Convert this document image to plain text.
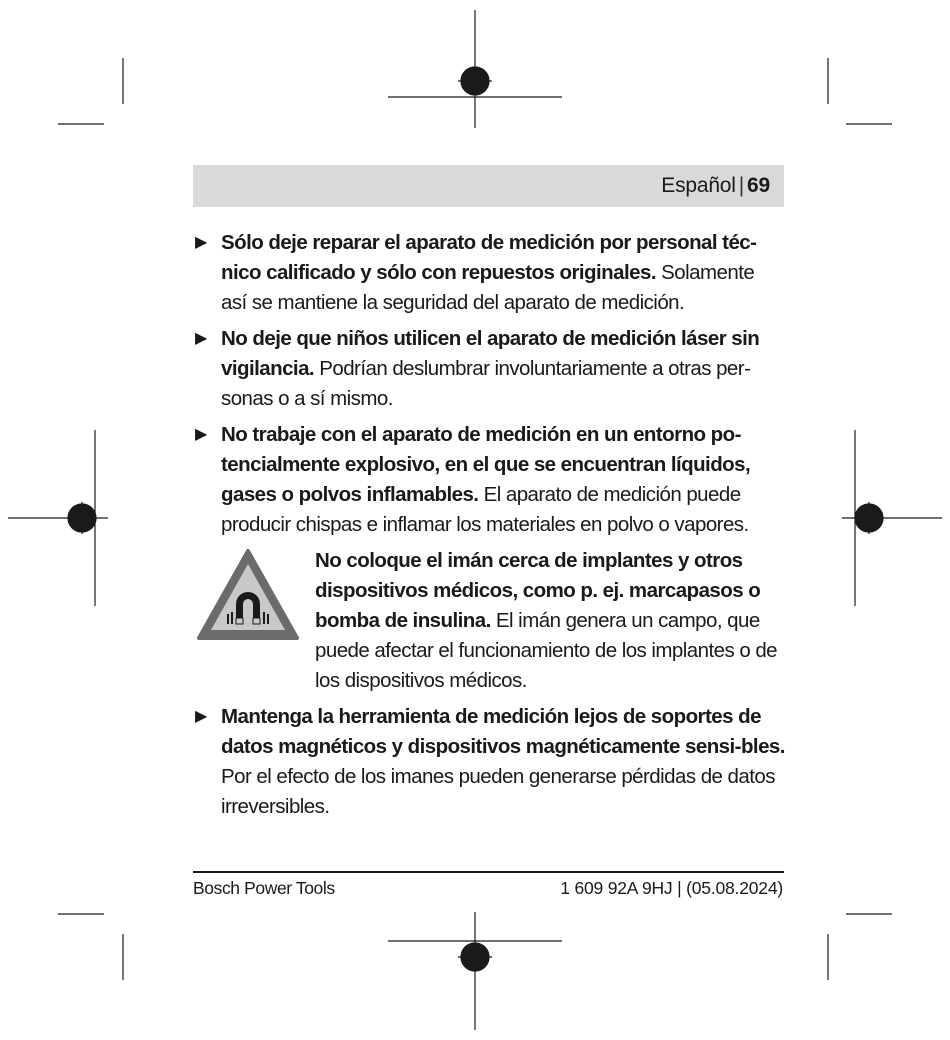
Español | 69
▶ Sólo deje reparar el aparato de medición por personal téc-nico calificado y sólo con repuestos originales. Solamente así se mantiene la seguridad del aparato de medición.
▶ No deje que niños utilicen el aparato de medición láser sin vigilancia. Podrían deslumbrar involuntariamente a otras per-sonas o a sí mismo.
▶ No trabaje con el aparato de medición en un entorno po-tencialmente explosivo, en el que se encuentran líquidos, gases o polvos inflamables. El aparato de medición puede producir chispas e inflamar los materiales en polvo o vapores.
No coloque el imán cerca de implantes y otros dispositivos médicos, como p. ej. marcapasos o bomba de insulina. El imán genera un campo, que puede afectar el funcionamiento de los implantes o de los dispositivos médicos.
▶ Mantenga la herramienta de medición lejos de soportes de datos magnéticos y dispositivos magnéticamente sensi-bles. Por el efecto de los imanes pueden generarse pérdidas de datos irreversibles.
Bosch Power Tools	1 609 92A 9HJ | (05.08.2024)
